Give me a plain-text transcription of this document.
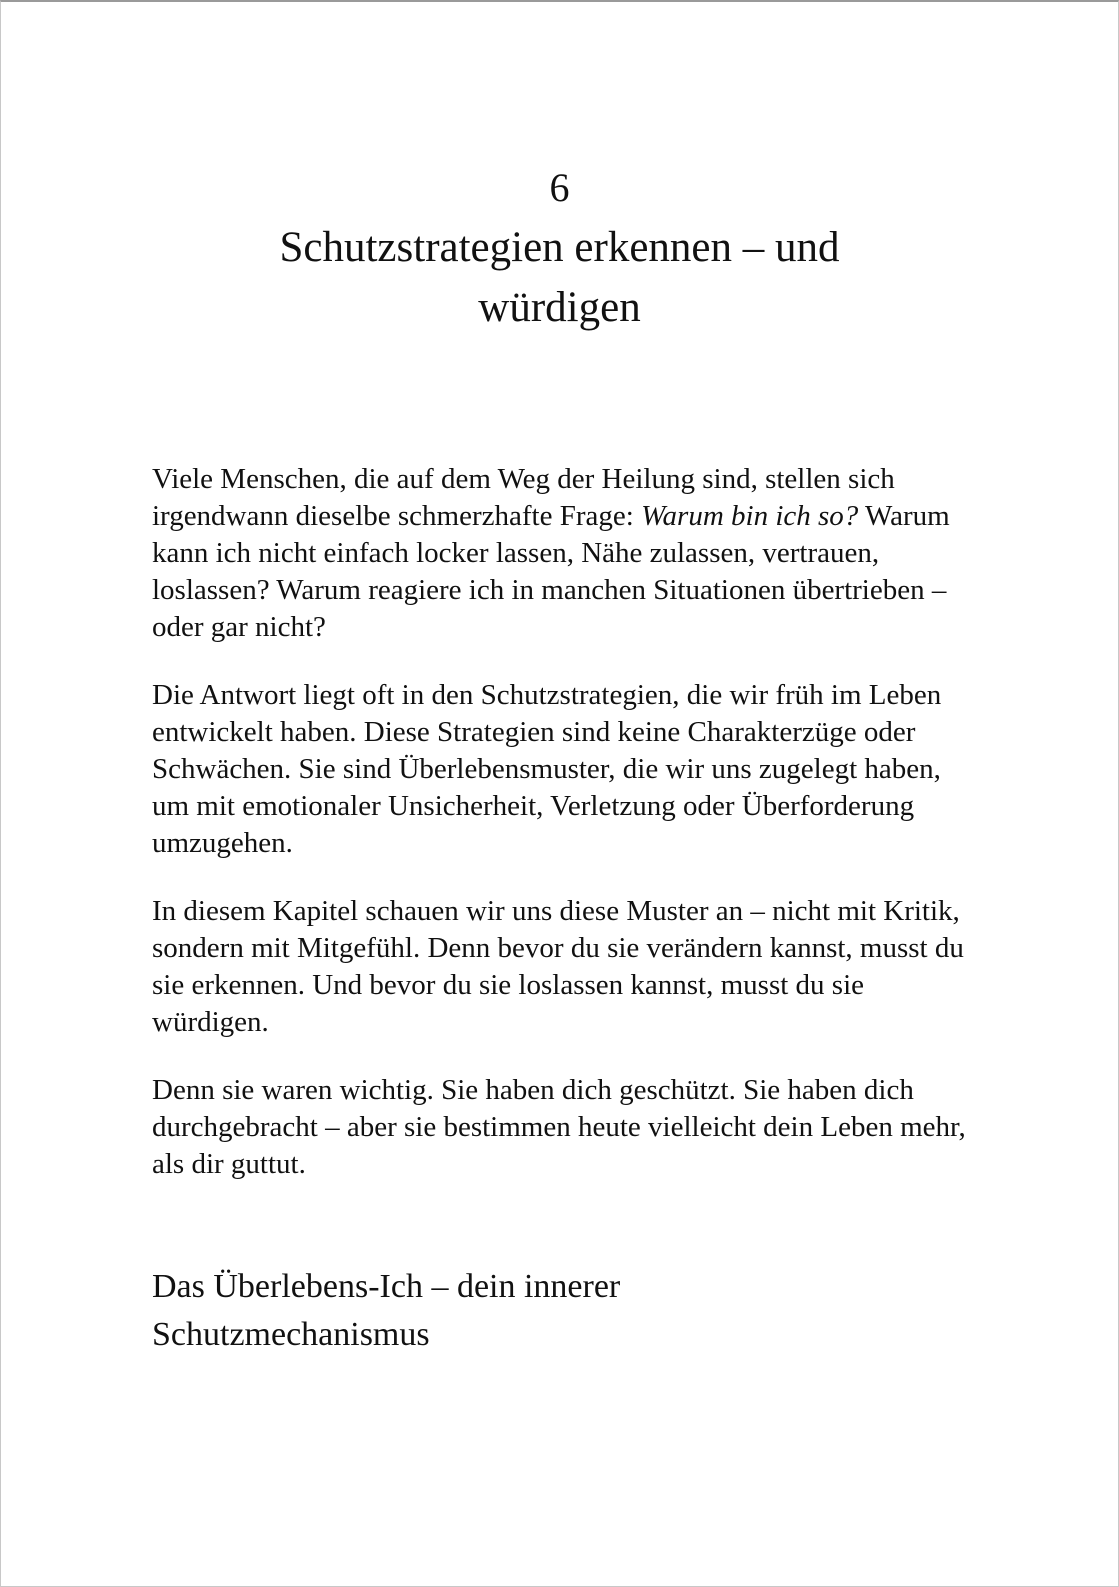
6
Schutzstrategien erkennen – und
würdigen

Viele Menschen, die auf dem Weg der Heilung sind, stellen sich irgendwann dieselbe schmerzhafte Frage: Warum bin ich so? Warum kann ich nicht einfach locker lassen, Nähe zulassen, vertrauen, loslassen? Warum reagiere ich in manchen Situationen übertrieben – oder gar nicht?

Die Antwort liegt oft in den Schutzstrategien, die wir früh im Leben entwickelt haben. Diese Strategien sind keine Charakterzüge oder Schwächen. Sie sind Überlebensmuster, die wir uns zugelegt haben, um mit emotionaler Unsicherheit, Verletzung oder Überforderung umzugehen.

In diesem Kapitel schauen wir uns diese Muster an – nicht mit Kritik, sondern mit Mitgefühl. Denn bevor du sie verändern kannst, musst du sie erkennen. Und bevor du sie loslassen kannst, musst du sie würdigen.

Denn sie waren wichtig. Sie haben dich geschützt. Sie haben dich durchgebracht – aber sie bestimmen heute vielleicht dein Leben mehr, als dir guttut.

Das Überlebens-Ich – dein innerer
Schutzmechanismus
